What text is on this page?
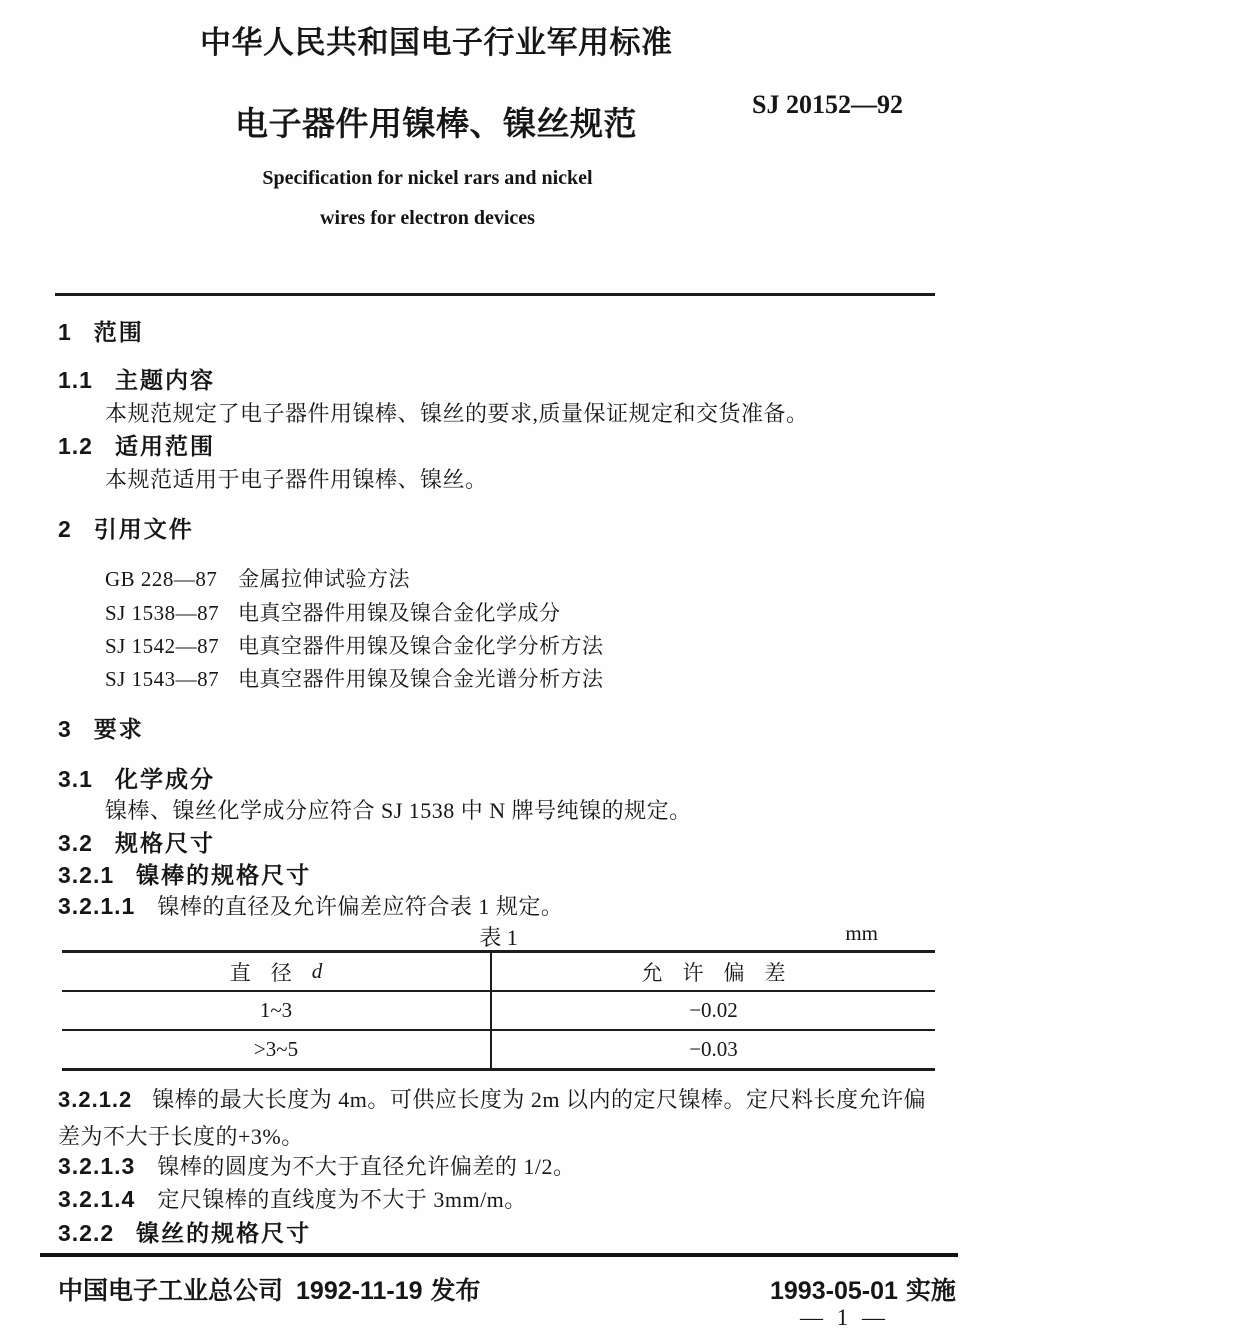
中华人民共和国电子行业军用标准
电子器件用镍棒、镍丝规范
SJ 20152—92
Specification for nickel rars and nickel
wires for electron devices
1 范围
1.1 主题内容
本规范规定了电子器件用镍棒、镍丝的要求,质量保证规定和交货准备。
1.2 适用范围
本规范适用于电子器件用镍棒、镍丝。
2 引用文件
GB 228—87 金属拉伸试验方法
SJ 1538—87 电真空器件用镍及镍合金化学成分
SJ 1542—87 电真空器件用镍及镍合金化学分析方法
SJ 1543—87 电真空器件用镍及镍合金光谱分析方法
3 要求
3.1 化学成分
镍棒、镍丝化学成分应符合 SJ 1538 中 N 牌号纯镍的规定。
3.2 规格尺寸
3.2.1 镍棒的规格尺寸
3.2.1.1 镍棒的直径及允许偏差应符合表 1 规定。
表 1	mm
直径 d	允许偏差
1~3	−0.02
>3~5	−0.03
3.2.1.2 镍棒的最大长度为 4m。可供应长度为 2m 以内的定尺镍棒。定尺料长度允许偏差为不大于长度的+3%。
3.2.1.3 镍棒的圆度为不大于直径允许偏差的 1/2。
3.2.1.4 定尺镍棒的直线度为不大于 3mm/m。
3.2.2 镍丝的规格尺寸
中国电子工业总公司 1992-11-19 发布	1993-05-01 实施
— 1 —
